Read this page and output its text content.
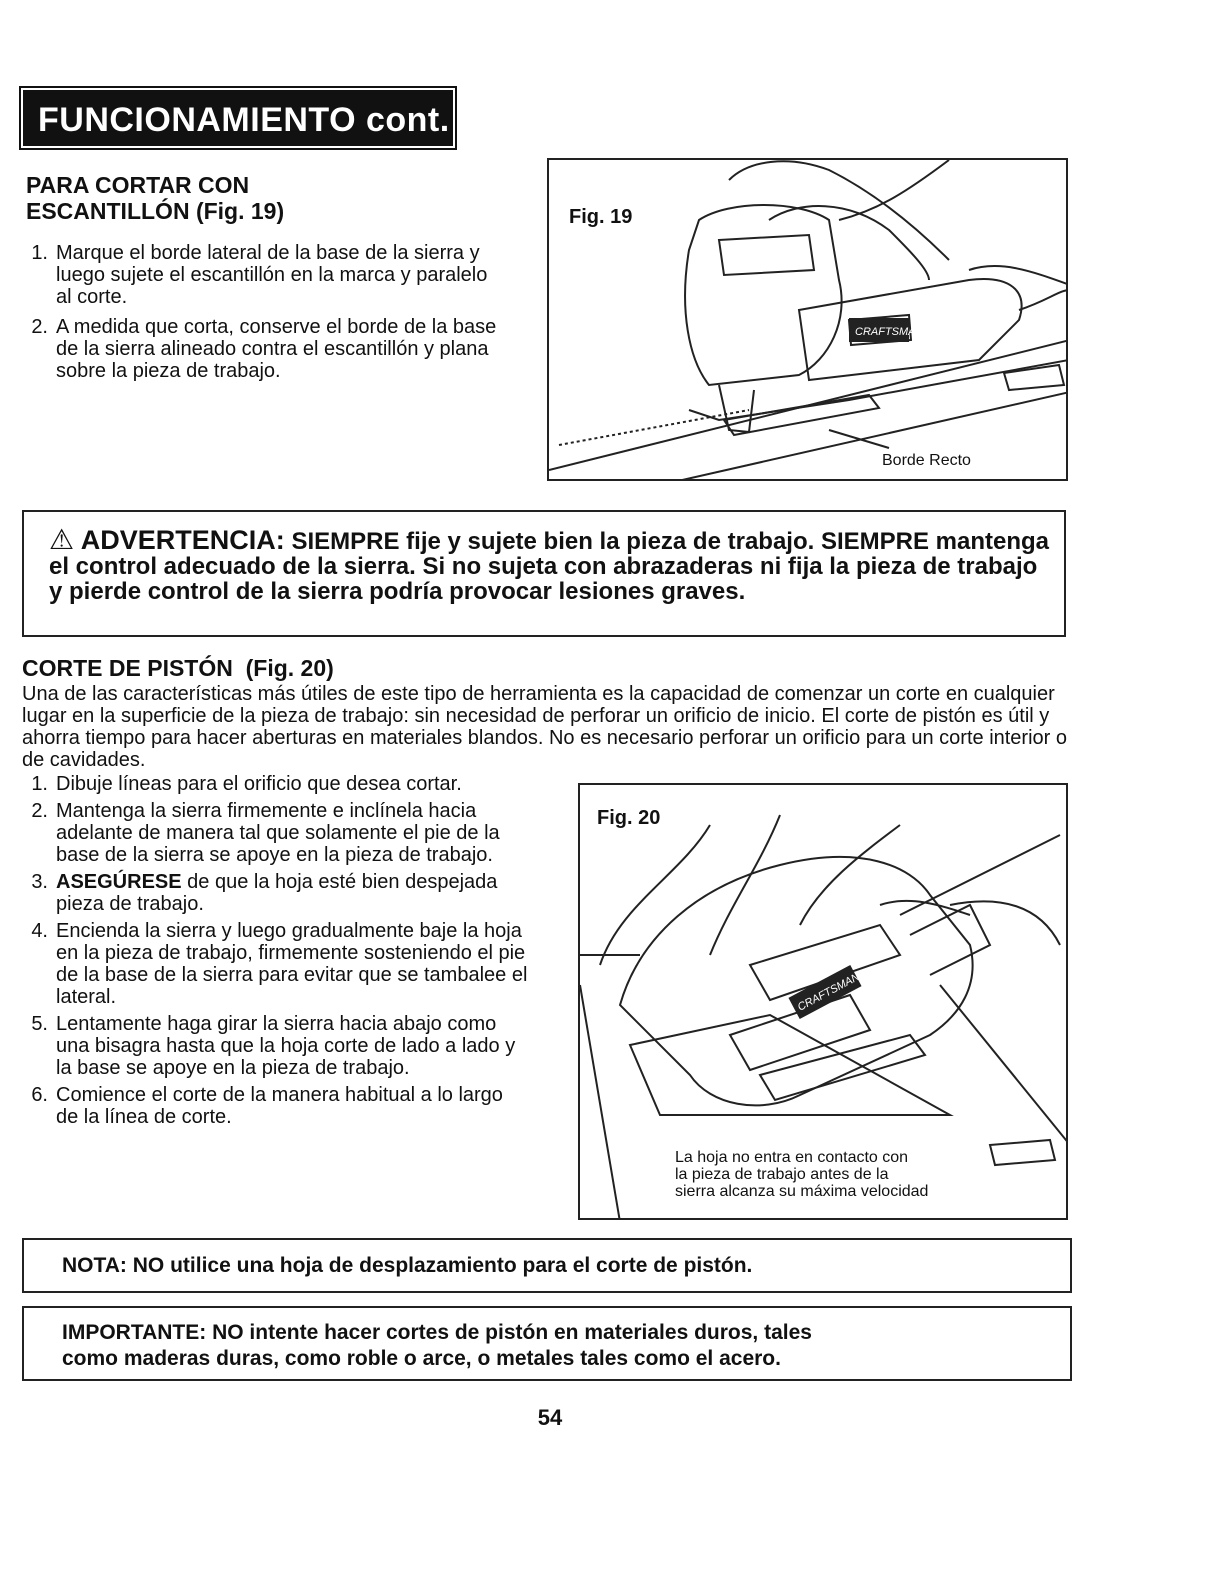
FUNCIONAMIENTO cont.

PARA CORTAR CON

ESCANTILLÓN (Fig. 19)

1. Marque el borde lateral de la base de la sierra y luego sujete el escantillón en la marca y paralelo al corte.
2. A medida que corta, conserve el borde de la base de la sierra alineado contra el escantillón y plana sobre la pieza de trabajo.
Fig. 19
CRAFTSMAN
Borde Recto
⚠ ADVERTENCIA: SIEMPRE fije y sujete bien la pieza de trabajo. SIEMPRE mantenga el control adecuado de la sierra. Si no sujeta con abrazaderas ni fija la pieza de trabajo y pierde control de la sierra podría provocar lesiones graves.

CORTE DE PISTÓN  (Fig. 20)

Una de las características más útiles de este tipo de herramienta es la capacidad de comenzar un corte en cualquier lugar en la superficie de la pieza de trabajo: sin necesidad de perforar un orificio de inicio. El corte de pistón es útil y ahorra tiempo para hacer aberturas en materiales blandos. No es necesario perforar un orificio para un corte interior o de cavidades.

1. Dibuje líneas para el orificio que desea cortar.
2. Mantenga la sierra firmemente e inclínela hacia adelante de manera tal que solamente el pie de la base de la sierra se apoye en la pieza de trabajo.
3. ASEGÚRESE de que la hoja esté bien despejada pieza de trabajo.
4. Encienda la sierra y luego gradualmente baje la hoja en la pieza de trabajo, firmemente sosteniendo el pie de la base de la sierra para evitar que se tambalee el lateral.
5. Lentamente haga girar la sierra hacia abajo como una bisagra hasta que la hoja corte de lado a lado y la base se apoye en la pieza de trabajo.
6. Comience el corte de la manera habitual a lo largo de la línea de corte.
Fig. 20
CRAFTSMAN
La hoja no entra en contacto con
la pieza de trabajo antes de la
sierra alcanza su máxima velocidad

NOTA: NO utilice una hoja de desplazamiento para el corte de pistón.

IMPORTANTE: NO intente hacer cortes de pistón en materiales duros, tales

como maderas duras, como roble o arce, o metales tales como el acero.

54
